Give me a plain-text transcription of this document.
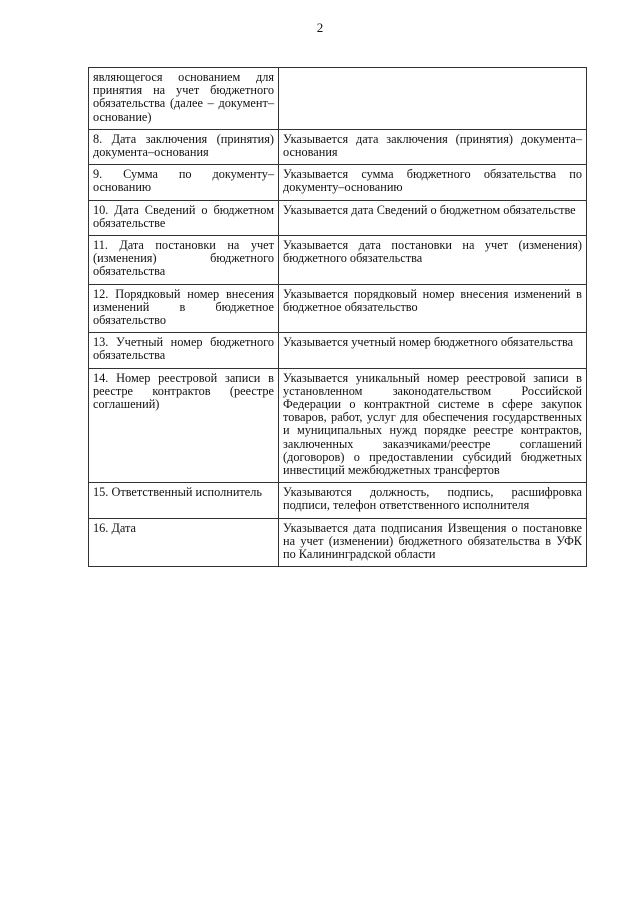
2
являющегося основанием для принятия на учет бюджетного обязательства (далее – документ–основание)	
8. Дата заключения (принятия) документа–основания	Указывается дата заключения (принятия) документа–основания
9. Сумма по документу–основанию	Указывается сумма бюджетного обязательства по документу–основанию
10. Дата Сведений о бюджетном обязательстве	Указывается дата Сведений о бюджетном обязательстве
11. Дата постановки на учет (изменения) бюджетного обязательства	Указывается дата постановки на учет (изменения) бюджетного обязательства
12. Порядковый номер внесения изменений в бюджетное обязательство	Указывается порядковый номер внесения изменений в бюджетное обязательство
13. Учетный номер бюджетного обязательства	Указывается учетный номер бюджетного обязательства
14. Номер реестровой записи в реестре контрактов (реестре соглашений)	Указывается уникальный номер реестровой записи в установленном законодательством Российской Федерации о контрактной системе в сфере закупок товаров, работ, услуг для обеспечения государственных и муниципальных нужд порядке реестре контрактов, заключенных заказчиками/реестре соглашений (договоров) о предоставлении субсидий бюджетных инвестиций межбюджетных трансфертов
15. Ответственный исполнитель	Указываются должность, подпись, расшифровка подписи, телефон ответственного исполнителя
16. Дата	Указывается дата подписания Извещения о постановке на учет (изменении) бюджетного обязательства в УФК по Калининградской области
